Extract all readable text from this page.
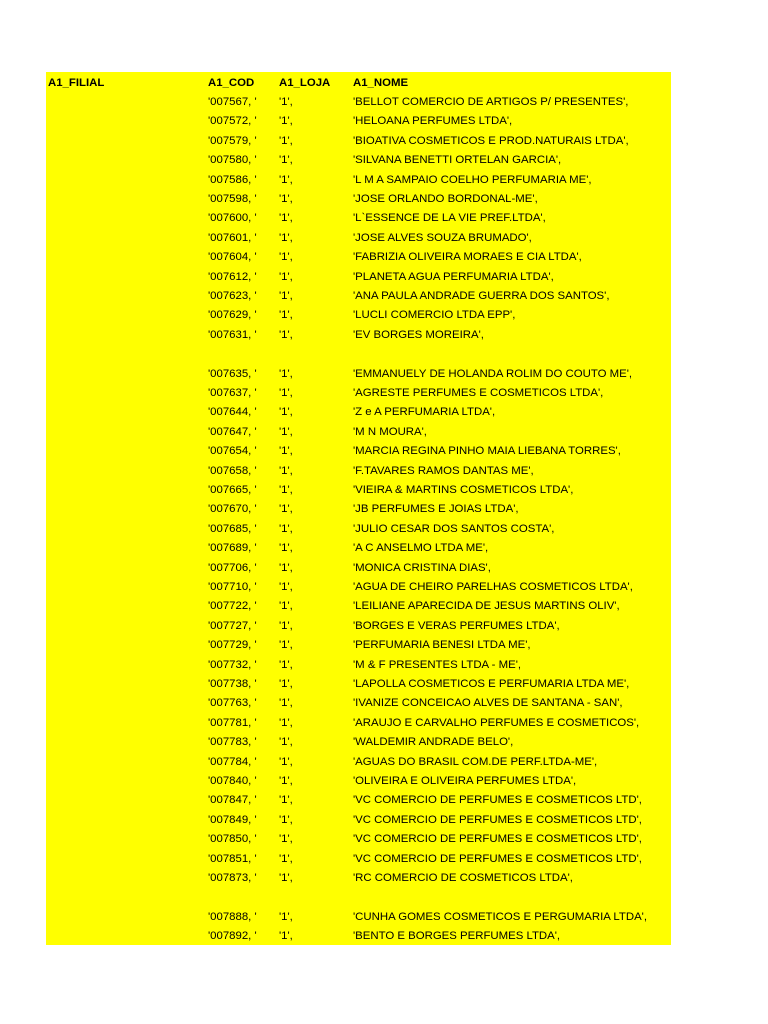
A1_FILIAL	A1_COD A1_LOJA A1_NOME
'007567, ' '1',	'BELLOT COMERCIO DE ARTIGOS P/ PRESENTES',
'007572, ' '1',	'HELOANA PERFUMES LTDA',
'007579, ' '1',	'BIOATIVA COSMETICOS E PROD.NATURAIS LTDA',
'007580, ' '1',	'SILVANA BENETTI ORTELAN GARCIA',
'007586, ' '1',	'L M A SAMPAIO COELHO PERFUMARIA ME',
'007598, ' '1',	'JOSE ORLANDO BORDONAL-ME',
'007600, ' '1',	'L`ESSENCE DE LA VIE PREF.LTDA',
'007601, ' '1',	'JOSE ALVES SOUZA BRUMADO',
'007604, ' '1',	'FABRIZIA OLIVEIRA MORAES E CIA LTDA',
'007612, ' '1',	'PLANETA AGUA PERFUMARIA LTDA',
'007623, ' '1',	'ANA PAULA ANDRADE GUERRA DOS SANTOS',
'007629, ' '1',	'LUCLI COMERCIO LTDA EPP',
'007631, ' '1',	'EV BORGES MOREIRA',
'007635, ' '1',	'EMMANUELY DE HOLANDA ROLIM DO COUTO ME',
'007637, ' '1',	'AGRESTE PERFUMES E COSMETICOS LTDA',
'007644, ' '1',	'Z e A PERFUMARIA LTDA',
'007647, ' '1',	'M N MOURA',
'007654, ' '1',	'MARCIA REGINA PINHO MAIA LIEBANA TORRES',
'007658, ' '1',	'F.TAVARES RAMOS DANTAS ME',
'007665, ' '1',	'VIEIRA & MARTINS COSMETICOS LTDA',
'007670, ' '1',	'JB PERFUMES E JOIAS LTDA',
'007685, ' '1',	'JULIO CESAR DOS SANTOS COSTA',
'007689, ' '1',	'A C ANSELMO LTDA ME',
'007706, ' '1',	'MONICA CRISTINA DIAS',
'007710, ' '1',	'AGUA DE CHEIRO PARELHAS COSMETICOS LTDA',
'007722, ' '1',	'LEILIANE APARECIDA DE JESUS MARTINS OLIV',
'007727, ' '1',	'BORGES E VERAS PERFUMES LTDA',
'007729, ' '1',	'PERFUMARIA BENESI LTDA ME',
'007732, ' '1',	'M & F PRESENTES LTDA - ME',
'007738, ' '1',	'LAPOLLA COSMETICOS E PERFUMARIA LTDA ME',
'007763, ' '1',	'IVANIZE CONCEICAO ALVES DE SANTANA - SAN',
'007781, ' '1',	'ARAUJO E CARVALHO PERFUMES E COSMETICOS',
'007783, ' '1',	'WALDEMIR ANDRADE BELO',
'007784, ' '1',	'AGUAS DO BRASIL COM.DE PERF.LTDA-ME',
'007840, ' '1',	'OLIVEIRA E OLIVEIRA PERFUMES LTDA',
'007847, ' '1',	'VC COMERCIO DE PERFUMES E COSMETICOS LTD',
'007849, ' '1',	'VC COMERCIO DE PERFUMES E COSMETICOS LTD',
'007850, ' '1',	'VC COMERCIO DE PERFUMES E COSMETICOS LTD',
'007851, ' '1',	'VC COMERCIO DE PERFUMES E COSMETICOS LTD',
'007873, ' '1',	'RC COMERCIO DE COSMETICOS LTDA',
'007888, ' '1',	'CUNHA GOMES COSMETICOS E PERGUMARIA LTDA',
'007892, ' '1',	'BENTO E BORGES PERFUMES LTDA',
